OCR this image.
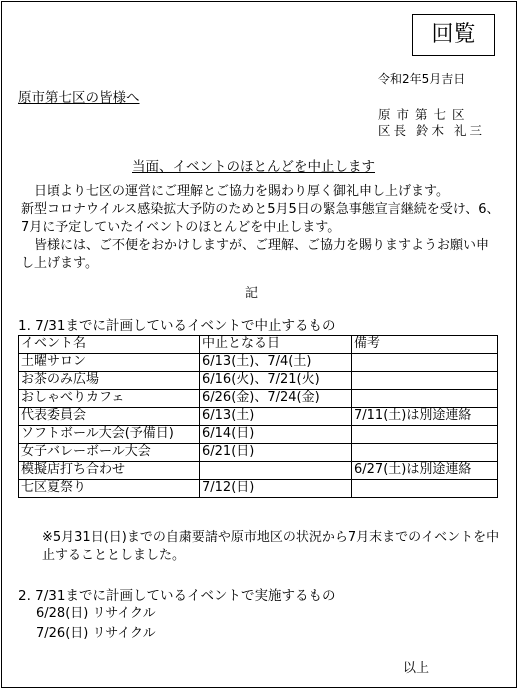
回覧
令和2年5月吉日
原市第七区の皆様へ
原市第七区
区長 鈴木 礼三
当面、イベントのほとんどを中止します

　日頃より七区の運営にご理解とご協力を賜わり厚く御礼申し上げます。

新型コロナウイルス感染拡大予防のためと5月5日の緊急事態宣言継続を受け、6、7月に予定していたイベントのほとんどを中止します。

　皆様には、ご不便をおかけしますが、ご理解、ご協力を賜りますようお願い申し上げます。

記
1. 7/31までに計画しているイベントで中止するもの
イベント名	中止となる日	備考
土曜サロン	6/13(土)、7/4(土)	
お茶のみ広場	6/16(火)、7/21(火)	
おしゃべりカフェ	6/26(金)、7/24(金)	
代表委員会	6/13(土)	7/11(土)は別途連絡
ソフトボール大会(予備日)	6/14(日)	
女子バレーボール大会	6/21(日)	
模擬店打ち合わせ		6/27(土)は別途連絡
七区夏祭り	7/12(日)	
※5月31日(日)までの自粛要請や原市地区の状況から7月末までのイベントを中止することとしました。
2. 7/31までに計画しているイベントで実施するもの
6/28(日) リサイクル
7/26(日) リサイクル
以上
